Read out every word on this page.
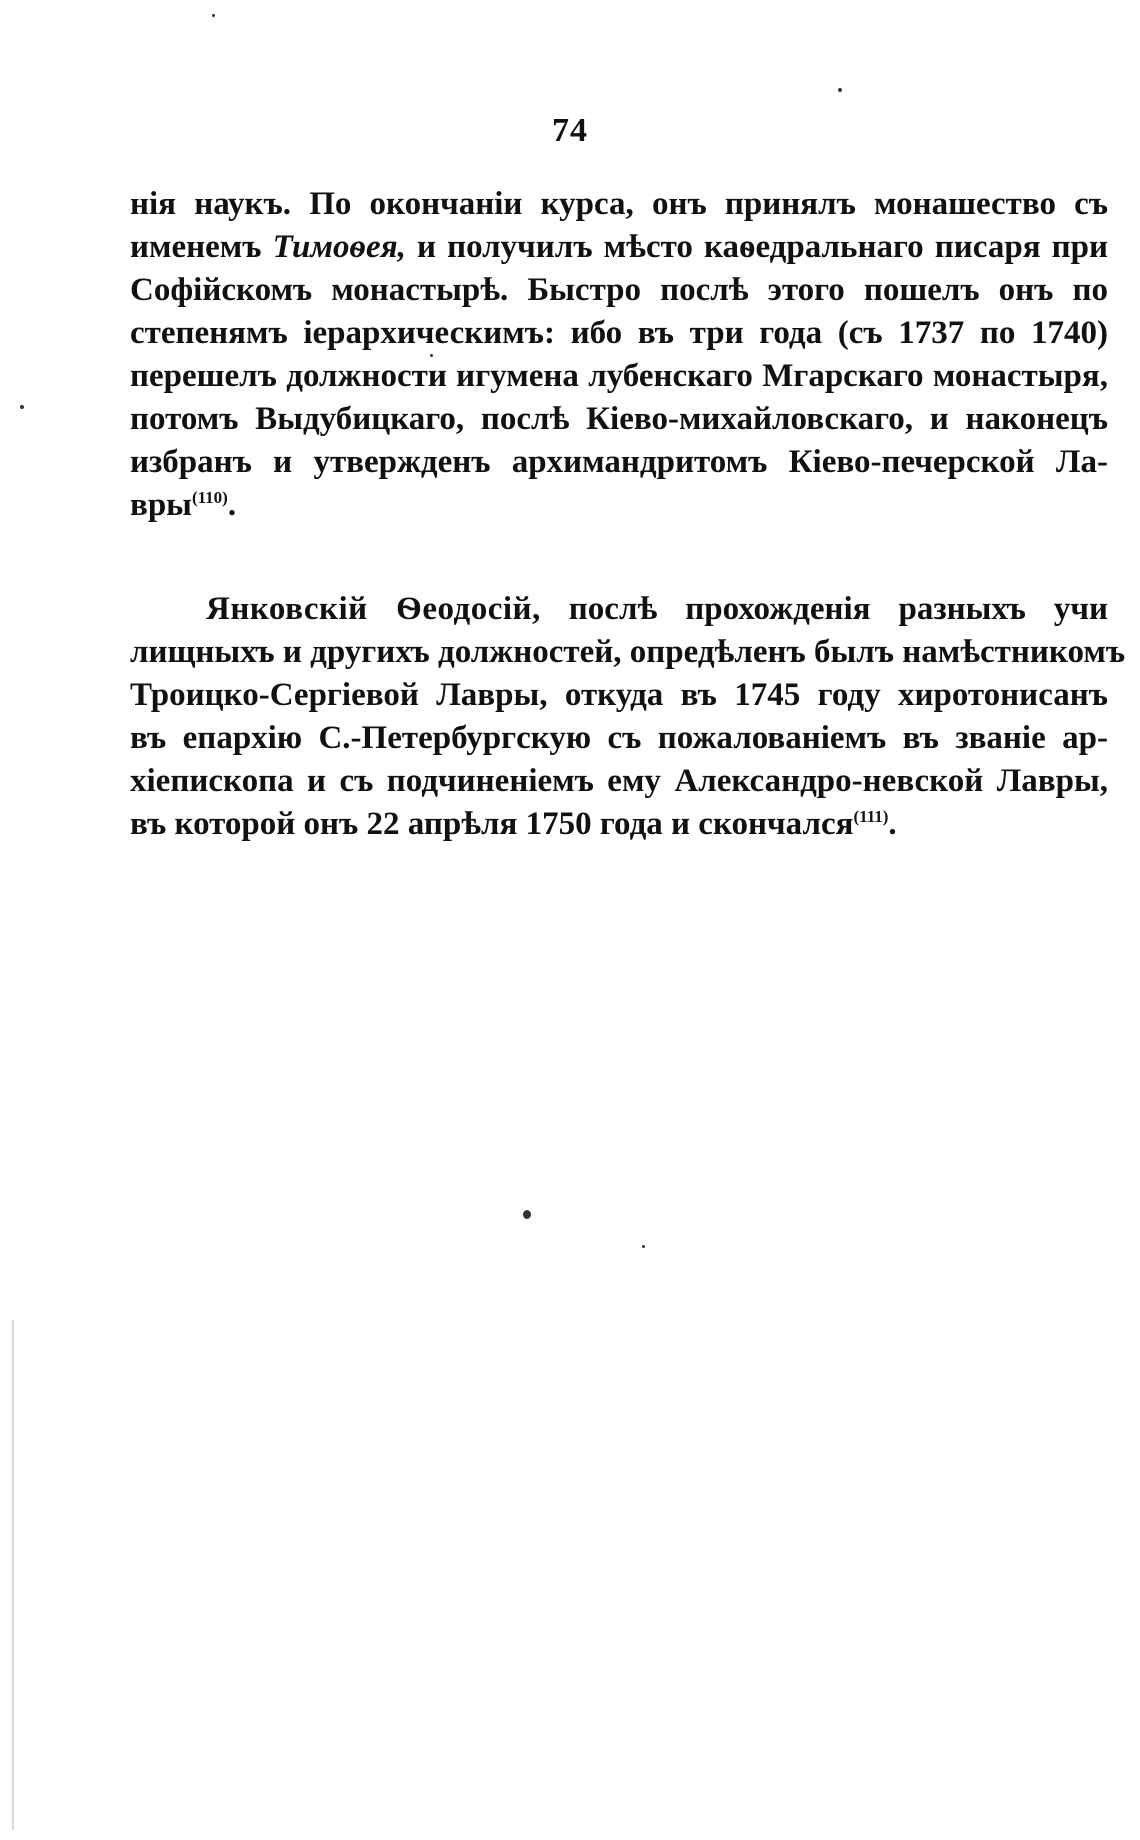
74
нія наукъ. По окончаніи курса, онъ принялъ монашество съ
именемъ Тимоѳея, и получилъ мѣсто каѳедральнаго писаря при
Софійскомъ монастырѣ. Быстро послѣ этого пошелъ онъ по
степенямъ іерархическимъ: ибо въ три года (съ 1737 по 1740)
перешелъ должности игумена лубенскаго Мгарскаго монастыря,
потомъ Выдубицкаго, послѣ Кіево-михайловскаго, и наконецъ
избранъ и утвержденъ архимандритомъ Кіево-печерской Ла-
вры$^{(110)}$.
Янковскій Ѳеодосій, послѣ прохожденія разныхъ учи
лищныхъ и другихъ должностей, опредѣленъ былъ намѣстникомъ
Троицко-Сергіевой Лавры, откуда въ 1745 году хиротонисанъ
въ епархію С.-Петербургскую съ пожалованіемъ въ званіе ар-
хіепископа и съ подчиненіемъ ему Александро-невской Лавры,
въ которой онъ 22 апрѣля 1750 года и скончался$^{(111)}$.
